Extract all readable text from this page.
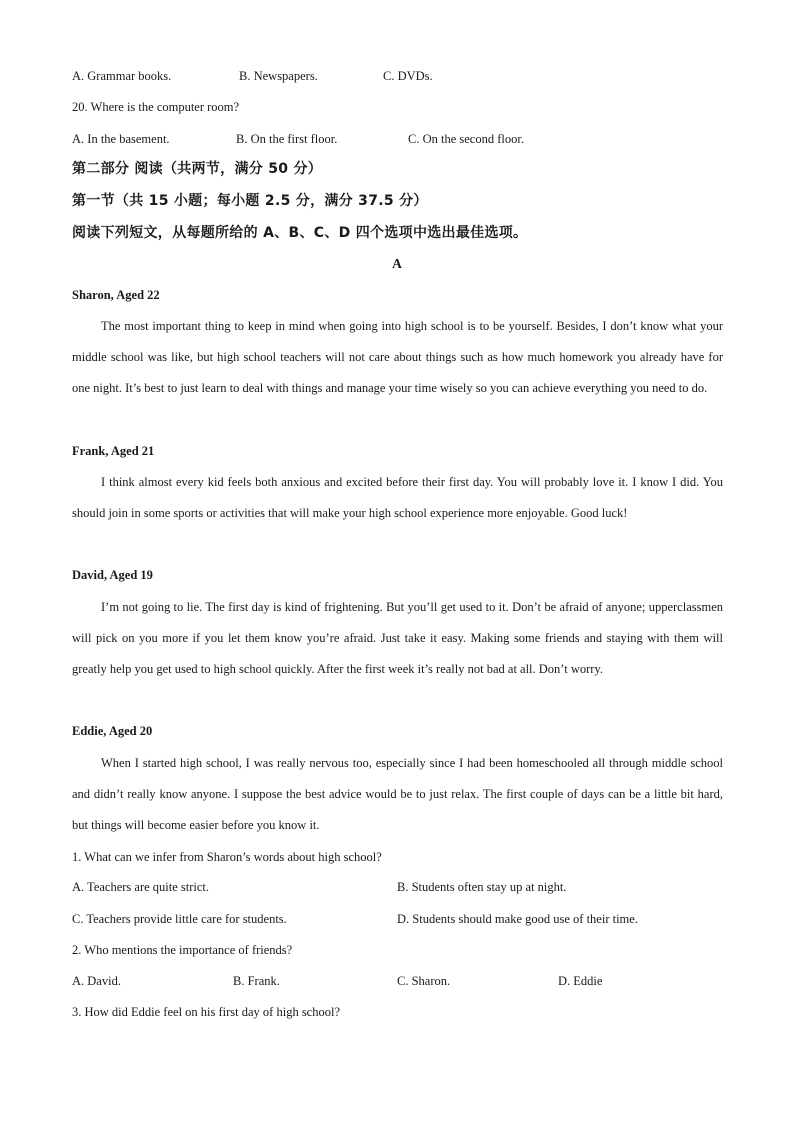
A. Grammar books.	B. Newspapers.	C. DVDs.
20. Where is the computer room?
A. In the basement.	B. On the first floor.	C. On the second floor.
第二部分 阅读（共两节，满分 50 分）
第一节（共 15 小题；每小题 2.5 分，满分 37.5 分）
阅读下列短文，从每题所给的 A、B、C、D 四个选项中选出最佳选项。
A
Sharon, Aged 22

The most important thing to keep in mind when going into high school is to be yourself. Besides, I don’t know what your middle school was like, but high school teachers will not care about things such as how much homework you already have for one night. It’s best to just learn to deal with things and manage your time wisely so you can achieve everything you need to do.

Frank, Aged 21

I think almost every kid feels both anxious and excited before their first day. You will probably love it. I know I did. You should join in some sports or activities that will make your high school experience more enjoyable. Good luck!

David, Aged 19

I’m not going to lie. The first day is kind of frightening. But you’ll get used to it. Don’t be afraid of anyone; upperclassmen will pick on you more if you let them know you’re afraid. Just take it easy. Making some friends and staying with them will greatly help you get used to high school quickly. After the first week it’s really not bad at all. Don’t worry.

Eddie, Aged 20

When I started high school, I was really nervous too, especially since I had been homeschooled all through middle school and didn’t really know anyone. I suppose the best advice would be to just relax. The first couple of days can be a little bit hard, but things will become easier before you know it.

1. What can we infer from Sharon’s words about high school?
A. Teachers are quite strict.	B. Students often stay up at night.
C. Teachers provide little care for students.	D. Students should make good use of their time.
2. Who mentions the importance of friends?
A. David.	B. Frank.	C. Sharon.	D. Eddie
3. How did Eddie feel on his first day of high school?
